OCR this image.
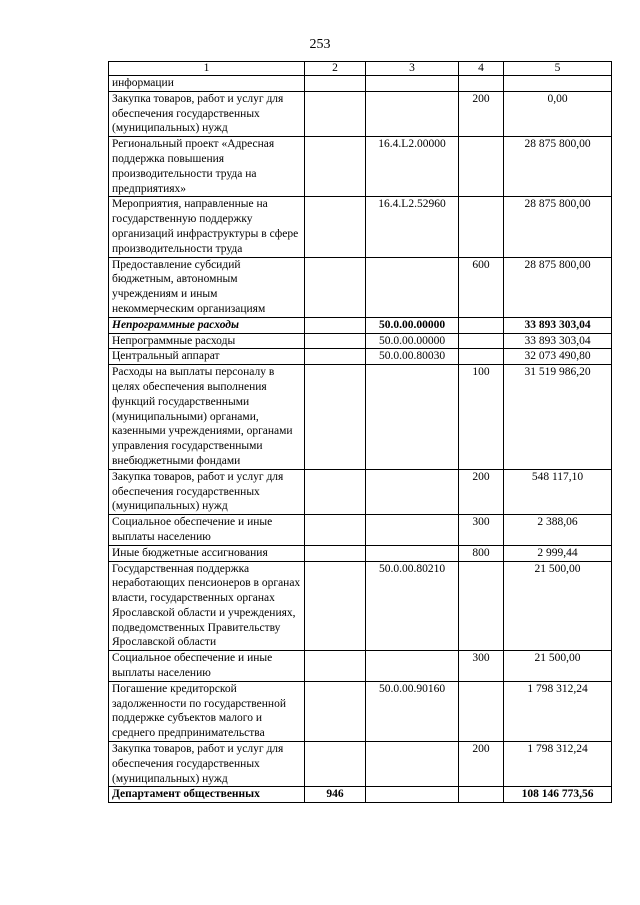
253
1	2	3	4	5
информации				
Закупка товаров, работ и услуг для обеспечения государственных (муниципальных) нужд			200	0,00
Региональный проект «Адресная поддержка повышения производительности труда на предприятиях»		16.4.L2.00000		28 875 800,00
Мероприятия, направленные на государственную поддержку организаций инфраструктуры в сфере производительности труда		16.4.L2.52960		28 875 800,00
Предоставление субсидий бюджетным, автономным учреждениям и иным некоммерческим организациям			600	28 875 800,00
Непрограммные расходы		50.0.00.00000		33 893 303,04
Непрограммные расходы		50.0.00.00000		33 893 303,04
Центральный аппарат		50.0.00.80030		32 073 490,80
Расходы на выплаты персоналу в целях обеспечения выполнения функций государственными (муниципальными) органами, казенными учреждениями, органами управления государственными внебюджетными фондами			100	31 519 986,20
Закупка товаров, работ и услуг для обеспечения государственных (муниципальных) нужд			200	548 117,10
Социальное обеспечение и иные выплаты населению			300	2 388,06
Иные бюджетные ассигнования			800	2 999,44
Государственная поддержка неработающих пенсионеров в органах власти, государственных органах Ярославской области и учреждениях, подведомственных Правительству Ярославской области		50.0.00.80210		21 500,00
Социальное обеспечение и иные выплаты населению			300	21 500,00
Погашение кредиторской задолженности по государственной поддержке субъектов малого и среднего предпринимательства		50.0.00.90160		1 798 312,24
Закупка товаров, работ и услуг для обеспечения государственных (муниципальных) нужд			200	1 798 312,24
Департамент общественных	946			108 146 773,56
